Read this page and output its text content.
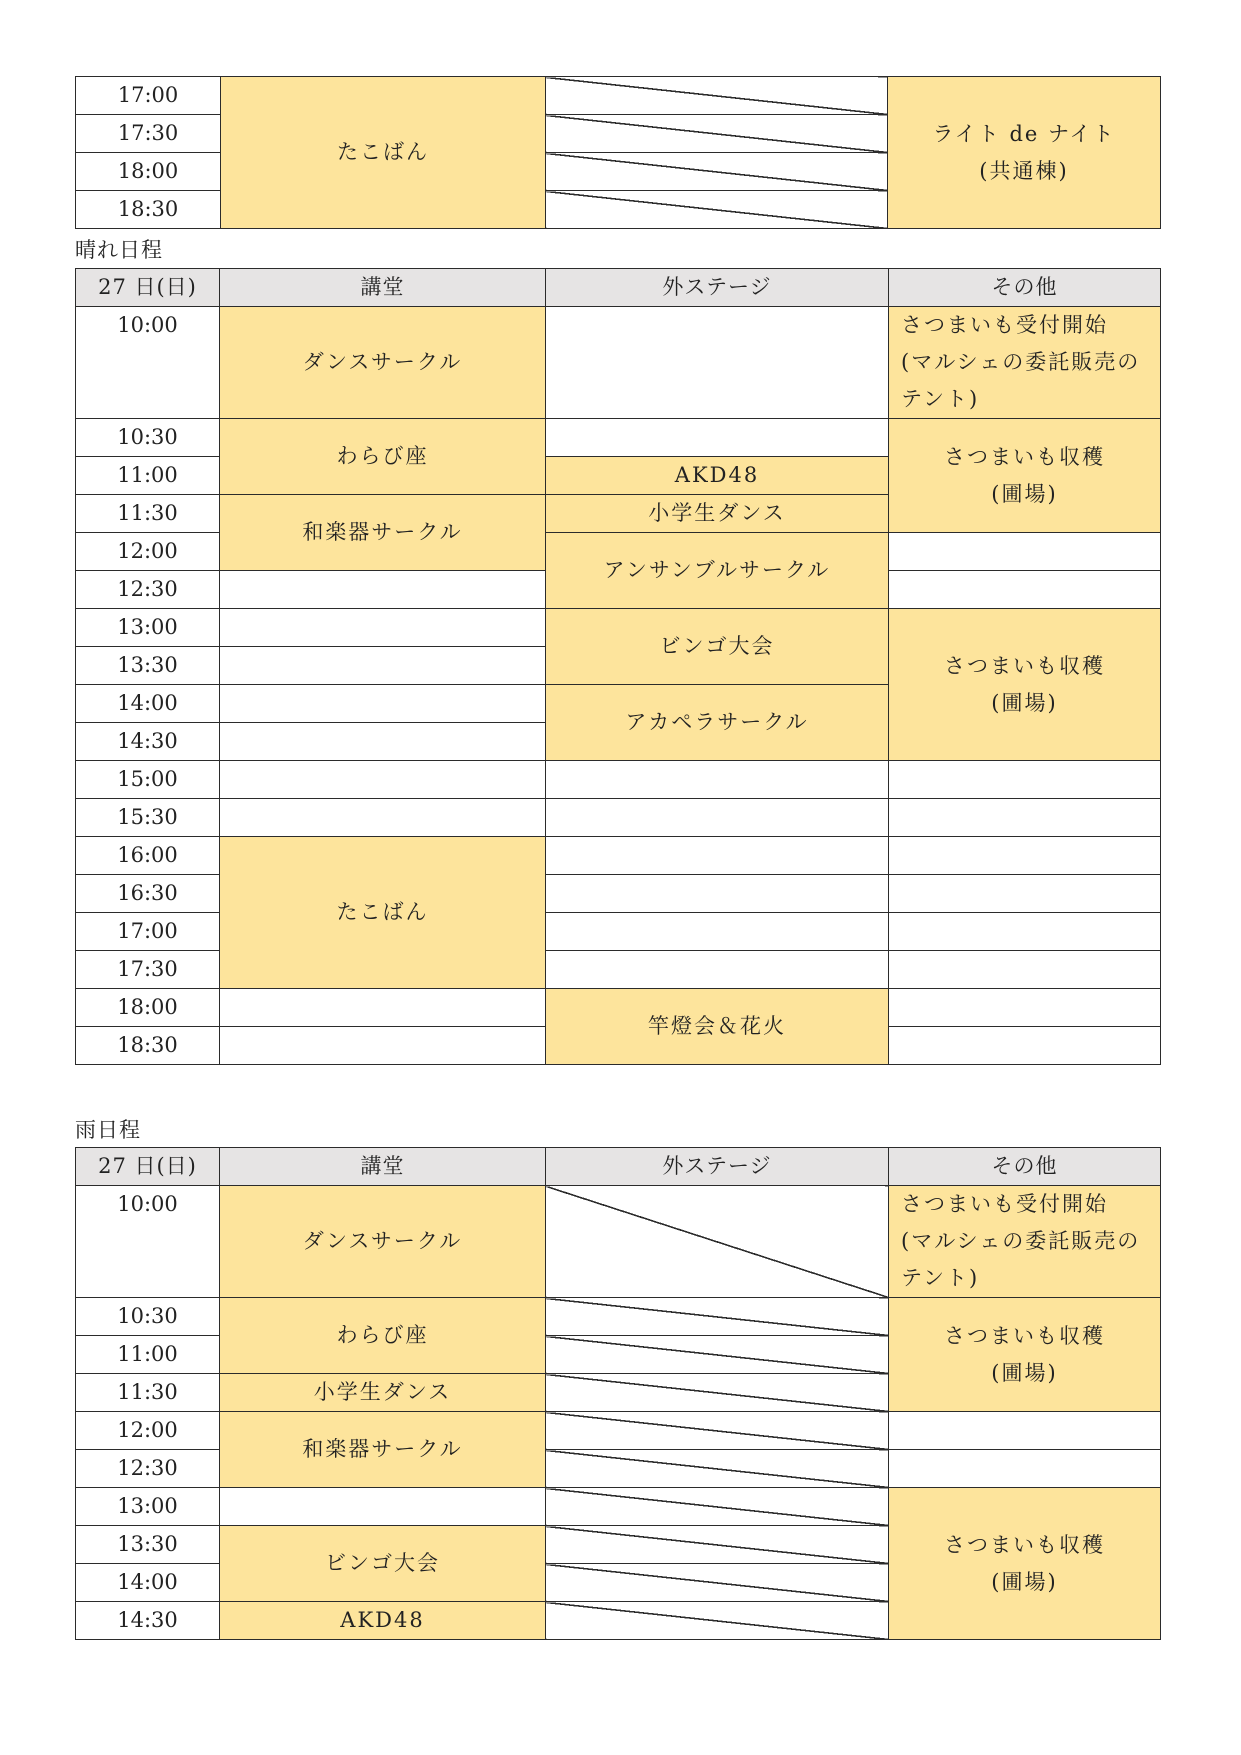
17:00	たこばん		ライト de ナイト
(共通棟)

17:30			
18:00			
18:30			
晴れ日程
27 日(日)	講堂	外ステージ	その他
10:00	ダンスサークル		さつまいも受付開始
(マルシェの委託販売の
テント)

10:30	わらび座		さつまいも収穫
(圃場)

11:00		AKD48	
11:30	和楽器サークル	小学生ダンス	
12:00		アンサンブルサークル	
12:30			
13:00		ビンゴ大会	さつまいも収穫
(圃場)

13:30			
14:00		アカペラサークル	
14:30			
15:00			
15:30			
16:00	たこばん		
16:30			
17:00			
17:30			
18:00		竿燈会＆花火	
18:30			
雨日程
27 日(日)	講堂	外ステージ	その他
10:00	ダンスサークル		さつまいも受付開始
(マルシェの委託販売の
テント)

10:30	わらび座		さつまいも収穫
(圃場)

11:00			
11:30	小学生ダンス		
12:00	和楽器サークル		
12:30			
13:00			さつまいも収穫
(圃場)

13:30	ビンゴ大会		
14:00			
14:30	AKD48		
